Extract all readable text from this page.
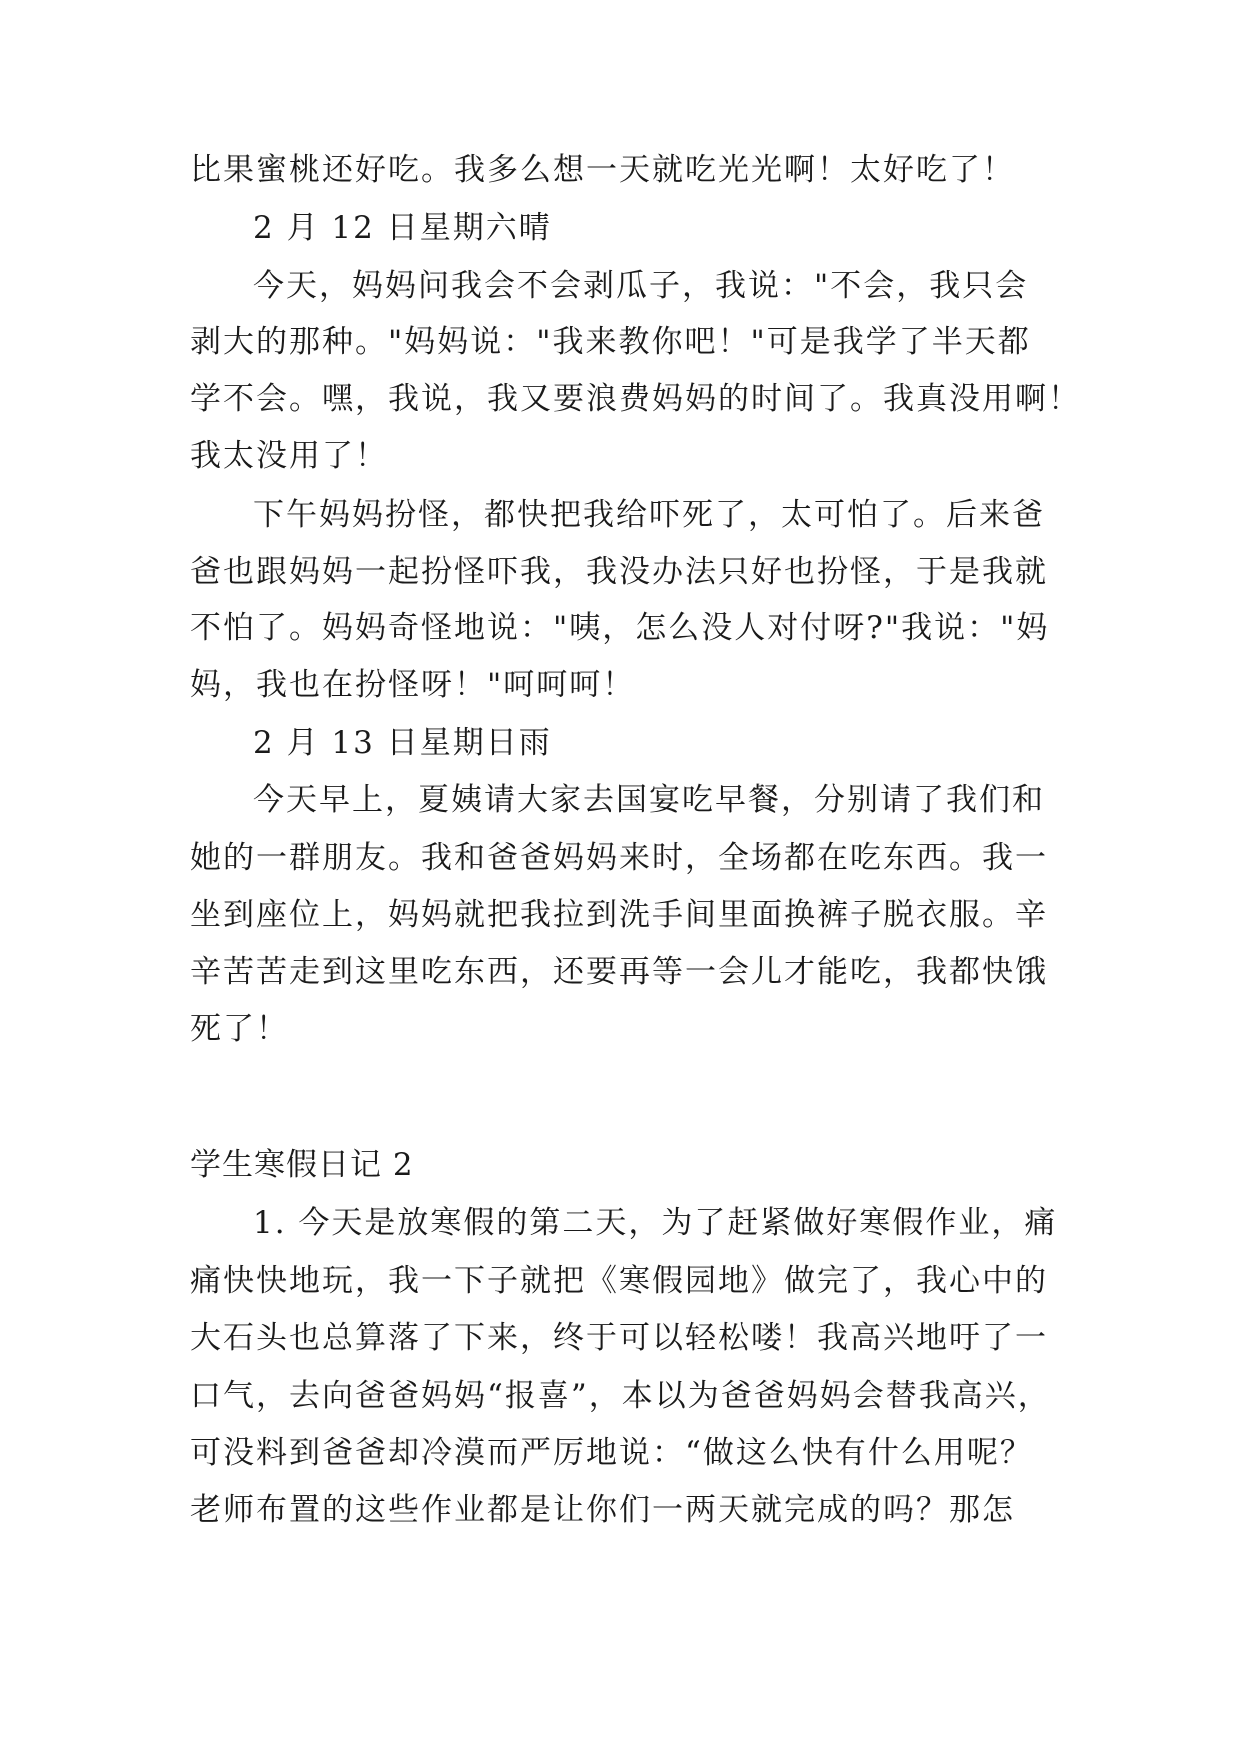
比果蜜桃还好吃。我多么想一天就吃光光啊！太好吃了！
2 月 12 日星期六晴
今天，妈妈问我会不会剥瓜子，我说："不会，我只会
剥大的那种。"妈妈说："我来教你吧！"可是我学了半天都
学不会。嘿，我说，我又要浪费妈妈的时间了。我真没用啊！
我太没用了！
下午妈妈扮怪，都快把我给吓死了，太可怕了。后来爸
爸也跟妈妈一起扮怪吓我，我没办法只好也扮怪，于是我就
不怕了。妈妈奇怪地说："咦，怎么没人对付呀?"我说："妈
妈，我也在扮怪呀！"呵呵呵！
2 月 13 日星期日雨
今天早上，夏姨请大家去国宴吃早餐，分别请了我们和
她的一群朋友。我和爸爸妈妈来时，全场都在吃东西。我一
坐到座位上，妈妈就把我拉到洗手间里面换裤子脱衣服。辛
辛苦苦走到这里吃东西，还要再等一会儿才能吃，我都快饿
死了！
学生寒假日记 2
1. 今天是放寒假的第二天，为了赶紧做好寒假作业，痛
痛快快地玩，我一下子就把《寒假园地》做完了，我心中的
大石头也总算落了下来，终于可以轻松喽！我高兴地吁了一
口气，去向爸爸妈妈“报喜”，本以为爸爸妈妈会替我高兴，
可没料到爸爸却冷漠而严厉地说：“做这么快有什么用呢？
老师布置的这些作业都是让你们一两天就完成的吗？那怎
